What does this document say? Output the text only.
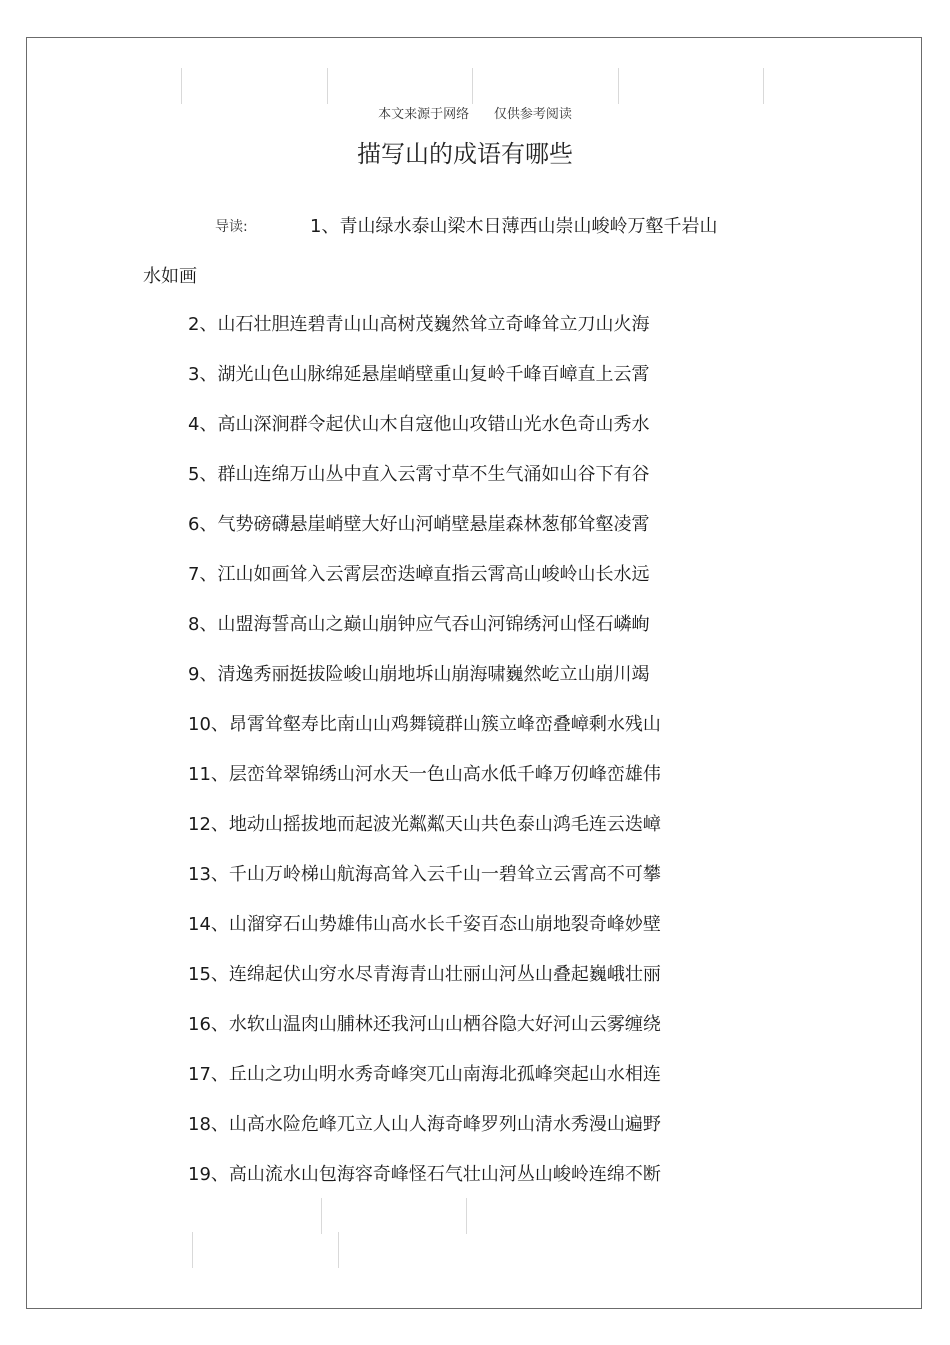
本文来源于网络      仅供参考阅读
描写山的成语有哪些
导读:	1、青山绿水泰山梁木日薄西山崇山峻岭万壑千岩山
水如画
2、山石壮胆连碧青山山高树茂巍然耸立奇峰耸立刀山火海
3、湖光山色山脉绵延悬崖峭壁重山复岭千峰百嶂直上云霄
4、高山深涧群令起伏山木自寇他山攻错山光水色奇山秀水
5、群山连绵万山丛中直入云霄寸草不生气涌如山谷下有谷
6、气势磅礴悬崖峭壁大好山河峭壁悬崖森林葱郁耸壑凌霄
7、江山如画耸入云霄层峦迭嶂直指云霄高山峻岭山长水远
8、山盟海誓高山之巅山崩钟应气吞山河锦绣河山怪石嶙峋
9、清逸秀丽挺拔险峻山崩地坼山崩海啸巍然屹立山崩川竭
10、昂霄耸壑寿比南山山鸡舞镜群山簇立峰峦叠嶂剩水残山
11、层峦耸翠锦绣山河水天一色山高水低千峰万仞峰峦雄伟
12、地动山摇拔地而起波光粼粼天山共色泰山鸿毛连云迭嶂
13、千山万岭梯山航海高耸入云千山一碧耸立云霄高不可攀
14、山溜穿石山势雄伟山高水长千姿百态山崩地裂奇峰妙壁
15、连绵起伏山穷水尽青海青山壮丽山河丛山叠起巍峨壮丽
16、水软山温肉山脯林还我河山山栖谷隐大好河山云雾缠绕
17、丘山之功山明水秀奇峰突兀山南海北孤峰突起山水相连
18、山高水险危峰兀立人山人海奇峰罗列山清水秀漫山遍野
19、高山流水山包海容奇峰怪石气壮山河丛山峻岭连绵不断
